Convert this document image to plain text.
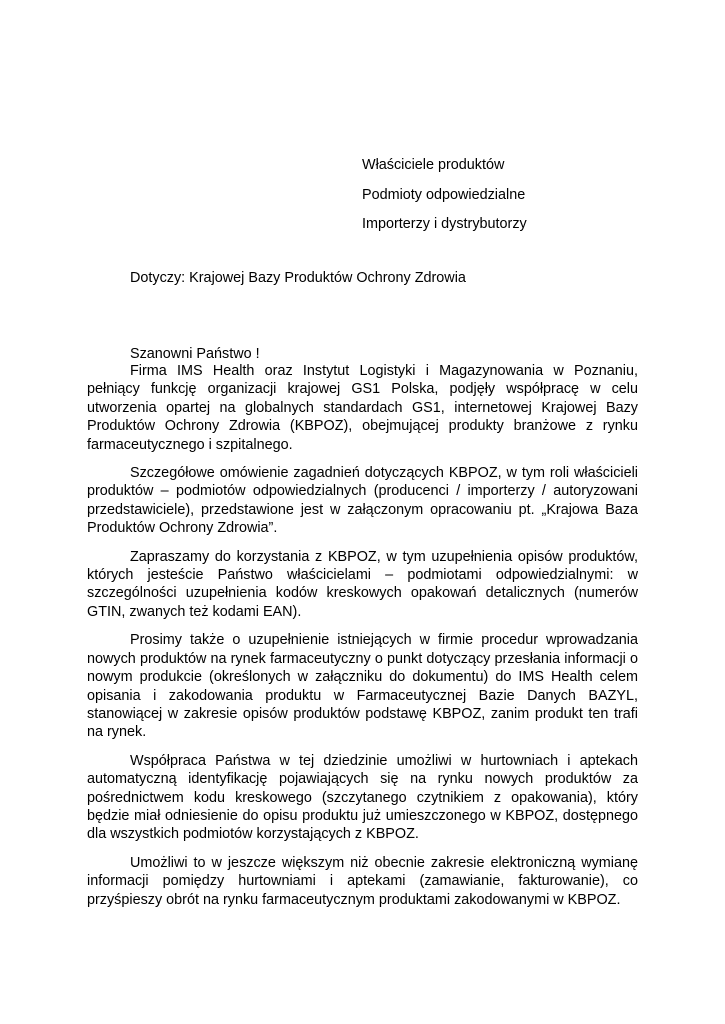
Właściciele produktów
Podmioty odpowiedzialne
Importerzy i dystrybutorzy
Dotyczy: Krajowej Bazy Produktów Ochrony Zdrowia
Szanowni Państwo !

Firma IMS Health oraz Instytut Logistyki i Magazynowania w Poznaniu, pełniący funkcję organizacji krajowej GS1 Polska, podjęły współpracę w celu utworzenia opartej na globalnych standardach GS1, internetowej Krajowej Bazy Produktów Ochrony Zdrowia (KBPOZ), obejmującej produkty branżowe z rynku farmaceutycznego i szpitalnego.

Szczegółowe omówienie zagadnień dotyczących KBPOZ, w tym roli właścicieli produktów – podmiotów odpowiedzialnych (producenci / importerzy / autoryzowani przedstawiciele), przedstawione jest w załączonym opracowaniu pt. „Krajowa Baza Produktów Ochrony Zdrowia”.

Zapraszamy do korzystania z KBPOZ, w tym uzupełnienia opisów produktów, których jesteście Państwo właścicielami – podmiotami odpowiedzialnymi: w szczególności uzupełnienia kodów kreskowych opakowań detalicznych (numerów GTIN, zwanych też kodami EAN).

Prosimy także o uzupełnienie istniejących w firmie procedur wprowadzania nowych produktów na rynek farmaceutyczny o punkt dotyczący przesłania informacji o nowym produkcie (określonych w załączniku do dokumentu) do IMS Health celem opisania i zakodowania produktu w Farmaceutycznej Bazie Danych BAZYL, stanowiącej w zakresie opisów produktów podstawę KBPOZ, zanim produkt ten trafi na rynek.

Współpraca Państwa w tej dziedzinie umożliwi w hurtowniach i aptekach automatyczną identyfikację pojawiających się na rynku nowych produktów za pośrednictwem kodu kreskowego (szczytanego czytnikiem z opakowania), który będzie miał odniesienie do opisu produktu już umieszczonego w KBPOZ, dostępnego dla wszystkich podmiotów korzystających z KBPOZ.

Umożliwi to w jeszcze większym niż obecnie zakresie elektroniczną wymianę informacji pomiędzy hurtowniami i aptekami (zamawianie, fakturowanie), co przyśpieszy obrót na rynku farmaceutycznym produktami zakodowanymi w KBPOZ.
